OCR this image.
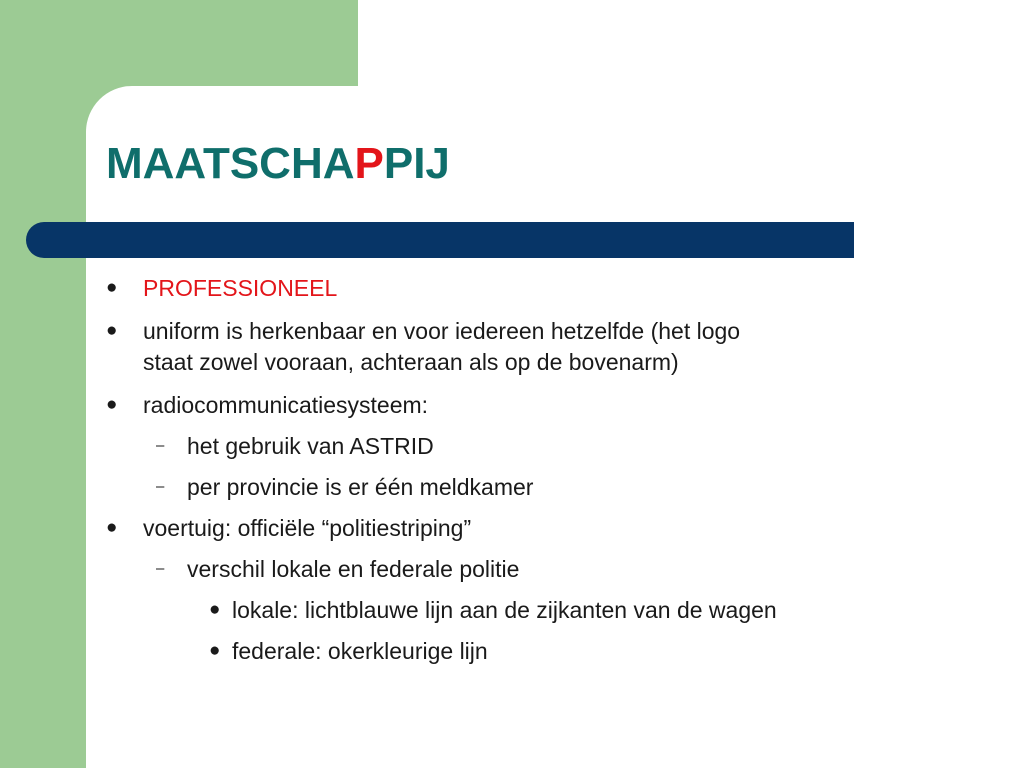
MAATSCHAPPIJ
● PROFESSIONEEL
● uniform is herkenbaar en voor iedereen hetzelfde (het logo
staat zowel vooraan, achteraan als op de bovenarm)
● radiocommunicatiesysteem:
– het gebruik van ASTRID
– per provincie is er één meldkamer
● voertuig: officiële “politiestriping”
– verschil lokale en federale politie
● lokale: lichtblauwe lijn aan de zijkanten van de wagen
● federale: okerkleurige lijn
